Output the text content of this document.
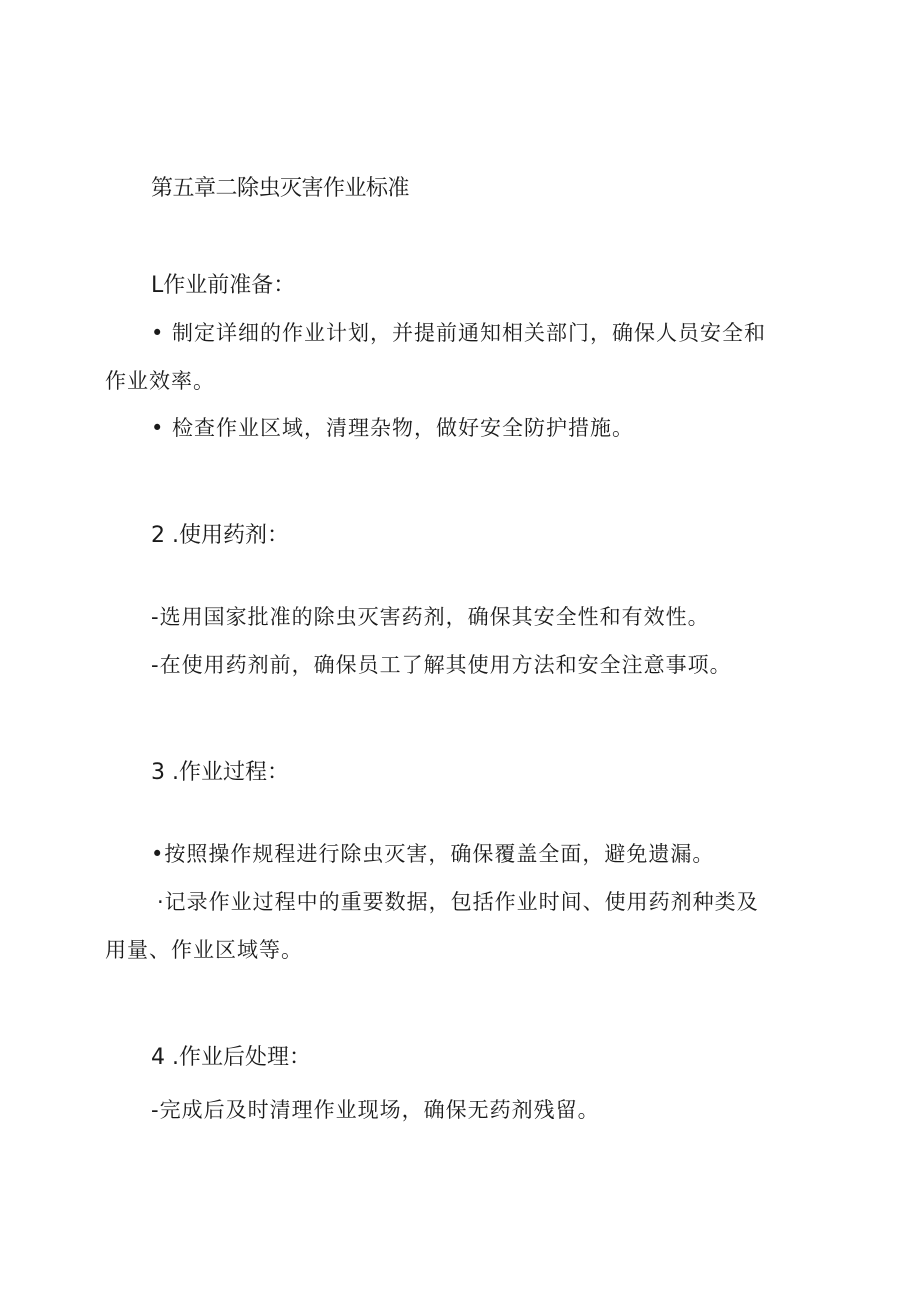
第五章二除虫灭害作业标准
L作业前准备：
• 制定详细的作业计划，并提前通知相关部门，确保人员安全和
作业效率。
• 检查作业区域，清理杂物，做好安全防护措施。
2 .使用药剂：
-选用国家批准的除虫灭害药剂，确保其安全性和有效性。
-在使用药剂前，确保员工了解其使用方法和安全注意事项。
3 .作业过程：
•按照操作规程进行除虫灭害，确保覆盖全面，避免遗漏。
·记录作业过程中的重要数据，包括作业时间、使用药剂种类及
用量、作业区域等。
4 .作业后处理：
-完成后及时清理作业现场，确保无药剂残留。
